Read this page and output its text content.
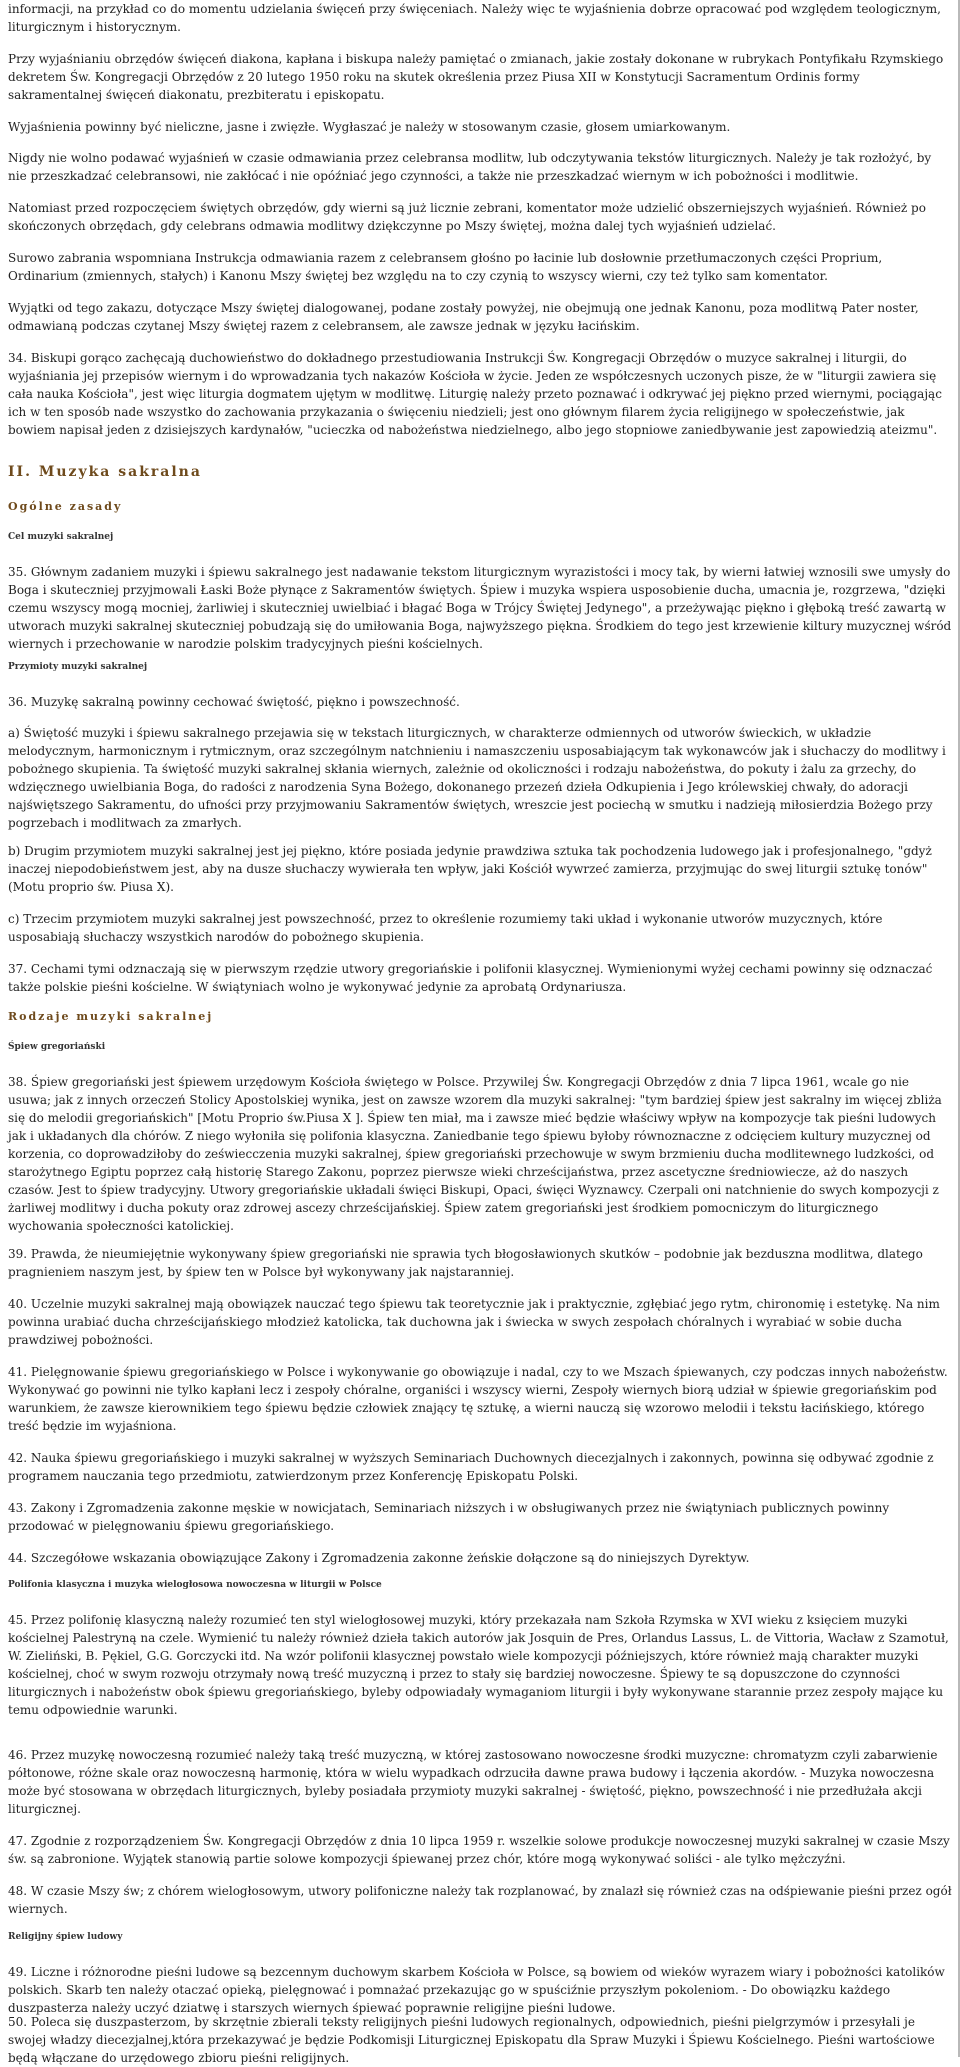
informacji, na przykład co do momentu udzielania święceń przy święceniach. Należy więc te wyjaśnienia dobrze opracować pod względem teologicznym, liturgicznym i historycznym.

Przy wyjaśnianiu obrzędów święceń diakona, kapłana i biskupa należy pamiętać o zmianach, jakie zostały dokonane w rubrykach Pontyfikału Rzymskiego dekretem Św. Kongregacji Obrzędów z 20 lutego 1950 roku na skutek określenia przez Piusa XII w Konstytucji Sacramentum Ordinis formy sakramentalnej święceń diakonatu, prezbiteratu i episkopatu.

Wyjaśnienia powinny być nieliczne, jasne i zwięzłe. Wygłaszać je należy w stosowanym czasie, głosem umiarkowanym.

Nigdy nie wolno podawać wyjaśnień w czasie odmawiania przez celebransa modlitw, lub odczytywania tekstów liturgicznych. Należy je tak rozłożyć, by nie przeszkadzać celebransowi, nie zakłócać i nie opóźniać jego czynności, a także nie przeszkadzać wiernym w ich pobożności i modlitwie.

Natomiast przed rozpoczęciem świętych obrzędów, gdy wierni są już licznie zebrani, komentator może udzielić obszerniejszych wyjaśnień. Również po skończonych obrzędach, gdy celebrans odmawia modlitwy dziękczynne po Mszy świętej, można dalej tych wyjaśnień udzielać.

Surowo zabrania wspomniana Instrukcja odmawiania razem z celebransem głośno po łacinie lub dosłownie przetłumaczonych części Proprium, Ordinarium (zmiennych, stałych) i Kanonu Mszy świętej bez względu na to czy czynią to wszyscy wierni, czy też tylko sam komentator.

Wyjątki od tego zakazu, dotyczące Mszy świętej dialogowanej, podane zostały powyżej, nie obejmują one jednak Kanonu, poza modlitwą Pater noster, odmawianą podczas czytanej Mszy świętej razem z celebransem, ale zawsze jednak w języku łacińskim.

34. Biskupi gorąco zachęcają duchowieństwo do dokładnego przestudiowania Instrukcji Św. Kongregacji Obrzędów o muzyce sakralnej i liturgii, do wyjaśniania jej przepisów wiernym i do wprowadzania tych nakazów Kościoła w życie. Jeden ze współczesnych uczonych pisze, że w "liturgii zawiera się cała nauka Kościoła", jest więc liturgia dogmatem ujętym w modlitwę. Liturgię należy przeto poznawać i odkrywać jej piękno przed wiernymi, pociągając ich w ten sposób nade wszystko do zachowania przykazania o święceniu niedzieli; jest ono głównym filarem życia religijnego w społeczeństwie, jak bowiem napisał jeden z dzisiejszych kardynałów, "ucieczka od nabożeństwa niedzielnego, albo jego stopniowe zaniedbywanie jest zapowiedzią ateizmu".

II. Muzyka sakralna
Ogólne zasady
Cel muzyki sakralnej

35. Głównym zadaniem muzyki i śpiewu sakralnego jest nadawanie tekstom liturgicznym wyrazistości i mocy tak, by wierni łatwiej wznosili swe umysły do Boga i skuteczniej przyjmowali Łaski Boże płynące z Sakramentów świętych. Śpiew i muzyka wspiera usposobienie ducha, umacnia je, rozgrzewa, "dzięki czemu wszyscy mogą mocniej, żarliwiej i skuteczniej uwielbiać i błagać Boga w Trójcy Świętej Jedynego", a przeżywając piękno i głęboką treść zawartą w utworach muzyki sakralnej skuteczniej pobudzają się do umiłowania Boga, najwyższego piękna. Środkiem do tego jest krzewienie kiltury muzycznej wśród wiernych i przechowanie w narodzie polskim tradycyjnych pieśni kościelnych.

Przymioty muzyki sakralnej

36. Muzykę sakralną powinny cechować świętość, piękno i powszechność.

a) Świętość muzyki i śpiewu sakralnego przejawia się w tekstach liturgicznych, w charakterze odmiennych od utworów świeckich, w układzie melodycznym, harmonicznym i rytmicznym, oraz szczególnym natchnieniu i namaszczeniu usposabiającym tak wykonawców jak i słuchaczy do modlitwy i pobożnego skupienia. Ta świętość muzyki sakralnej skłania wiernych, zależnie od okoliczności i rodzaju nabożeństwa, do pokuty i żalu za grzechy, do wdzięcznego uwielbiania Boga, do radości z narodzenia Syna Bożego, dokonanego przezeń dzieła Odkupienia i Jego królewskiej chwały, do adoracji najświętszego Sakramentu, do ufności przy przyjmowaniu Sakramentów świętych, wreszcie jest pociechą w smutku i nadzieją miłosierdzia Bożego przy pogrzebach i modlitwach za zmarłych.

b) Drugim przymiotem muzyki sakralnej jest jej piękno, które posiada jedynie prawdziwa sztuka tak pochodzenia ludowego jak i profesjonalnego, "gdyż inaczej niepodobieństwem jest, aby na dusze słuchaczy wywierała ten wpływ, jaki Kościół wywrzeć zamierza, przyjmując do swej liturgii sztukę tonów" (Motu proprio św. Piusa X).

c) Trzecim przymiotem muzyki sakralnej jest powszechność, przez to określenie rozumiemy taki układ i wykonanie utworów muzycznych, które usposabiają słuchaczy wszystkich narodów do pobożnego skupienia.

37. Cechami tymi odznaczają się w pierwszym rzędzie utwory gregoriańskie i polifonii klasycznej. Wymienionymi wyżej cechami powinny się odznaczać także polskie pieśni kościelne. W świątyniach wolno je wykonywać jedynie za aprobatą Ordynariusza.

Rodzaje muzyki sakralnej
Śpiew gregoriański

38. Śpiew gregoriański jest śpiewem urzędowym Kościoła świętego w Polsce. Przywilej Św. Kongregacji Obrzędów z dnia 7 lipca 1961, wcale go nie usuwa; jak z innych orzeczeń Stolicy Apostolskiej wynika, jest on zawsze wzorem dla muzyki sakralnej: "tym bardziej śpiew jest sakralny im więcej zbliża się do melodii gregoriańskich" [Motu Proprio św.Piusa X ]. Śpiew ten miał, ma i zawsze mieć będzie właściwy wpływ na kompozycje tak pieśni ludowych jak i układanych dla chórów. Z niego wyłoniła się polifonia klasyczna. Zaniedbanie tego śpiewu byłoby równoznaczne z odcięciem kultury muzycznej od korzenia, co doprowadziłoby do zeświecczenia muzyki sakralnej, śpiew gregoriański przechowuje w swym brzmieniu ducha modlitewnego ludzkości, od starożytnego Egiptu poprzez całą historię Starego Zakonu, poprzez pierwsze wieki chrześcijaństwa, przez ascetyczne średniowiecze, aż do naszych czasów. Jest to śpiew tradycyjny. Utwory gregoriańskie układali święci Biskupi, Opaci, święci Wyznawcy. Czerpali oni natchnienie do swych kompozycji z żarliwej modlitwy i ducha pokuty oraz zdrowej ascezy chrześcijańskiej. Śpiew zatem gregoriański jest środkiem pomocniczym do liturgicznego wychowania społeczności katolickiej.

39. Prawda, że nieumiejętnie wykonywany śpiew gregoriański nie sprawia tych błogosławionych skutków – podobnie jak bezduszna modlitwa, dlatego pragnieniem naszym jest, by śpiew ten w Polsce był wykonywany jak najstaranniej.

40. Uczelnie muzyki sakralnej mają obowiązek nauczać tego śpiewu tak teoretycznie jak i praktycznie, zgłębiać jego rytm, chironomię i estetykę. Na nim powinna urabiać ducha chrześcijańskiego młodzież katolicka, tak duchowna jak i świecka w swych zespołach chóralnych i wyrabiać w sobie ducha prawdziwej pobożności.

41. Pielęgnowanie śpiewu gregoriańskiego w Polsce i wykonywanie go obowiązuje i nadal, czy to we Mszach śpiewanych, czy podczas innych nabożeństw. Wykonywać go powinni nie tylko kapłani lecz i zespoły chóralne, organiści i wszyscy wierni, Zespoły wiernych biorą udział w śpiewie gregoriańskim pod warunkiem, że zawsze kierownikiem tego śpiewu będzie człowiek znający tę sztukę, a wierni nauczą się wzorowo melodii i tekstu łacińskiego, którego treść będzie im wyjaśniona.

42. Nauka śpiewu gregoriańskiego i muzyki sakralnej w wyższych Seminariach Duchownych diecezjalnych i zakonnych, powinna się odbywać zgodnie z programem nauczania tego przedmiotu, zatwierdzonym przez Konferencję Episkopatu Polski.

43. Zakony i Zgromadzenia zakonne męskie w nowicjatach, Seminariach niższych i w obsługiwanych przez nie świątyniach publicznych powinny przodować w pielęgnowaniu śpiewu gregoriańskiego.

44. Szczegółowe wskazania obowiązujące Zakony i Zgromadzenia zakonne żeńskie dołączone są do niniejszych Dyrektyw.

Polifonia klasyczna i muzyka wielogłosowa nowoczesna w liturgii w Polsce

45. Przez polifonię klasyczną należy rozumieć ten styl wielogłosowej muzyki, który przekazała nam Szkoła Rzymska w XVI wieku z księciem muzyki kościelnej Palestryną na czele. Wymienić tu należy również dzieła takich autorów jak Josquin de Pres, Orlandus Lassus, L. de Vittoria, Wacław z Szamotuł, W. Zieliński, B. Pękiel, G.G. Gorczycki itd. Na wzór polifonii klasycznej powstało wiele kompozycji późniejszych, które również mają charakter muzyki kościelnej, choć w swym rozwoju otrzymały nową treść muzyczną i przez to stały się bardziej nowoczesne. Śpiewy te są dopuszczone do czynności liturgicznych i nabożeństw obok śpiewu gregoriańskiego, byleby odpowiadały wymaganiom liturgii i były wykonywane starannie przez zespoły mające ku temu odpowiednie warunki.

46. Przez muzykę nowoczesną rozumieć należy taką treść muzyczną, w której zastosowano nowoczesne środki muzyczne: chromatyzm czyli zabarwienie półtonowe, różne skale oraz nowoczesną harmonię, która w wielu wypadkach odrzuciła dawne prawa budowy i łączenia akordów. - Muzyka nowoczesna może być stosowana w obrzędach liturgicznych, byleby posiadała przymioty muzyki sakralnej - świętość, piękno, powszechność i nie przedłużała akcji liturgicznej.

47. Zgodnie z rozporządzeniem Św. Kongregacji Obrzędów z dnia 10 lipca 1959 r. wszelkie solowe produkcje nowoczesnej muzyki sakralnej w czasie Mszy św. są zabronione. Wyjątek stanowią partie solowe kompozycji śpiewanej przez chór, które mogą wykonywać soliści - ale tylko mężczyźni.

48. W czasie Mszy św; z chórem wielogłosowym, utwory polifoniczne należy tak rozplanować, by znalazł się również czas na odśpiewanie pieśni przez ogół wiernych.

Religijny śpiew ludowy

49. Liczne i różnorodne pieśni ludowe są bezcennym duchowym skarbem Kościoła w Polsce, są bowiem od wieków wyrazem wiary i pobożności katolików polskich. Skarb ten należy otaczać opieką, pielęgnować i pomnażać przekazując go w spuściźnie przyszłym pokoleniom. - Do obowiązku każdego duszpasterza należy uczyć dziatwę i starszych wiernych śpiewać poprawnie religijne pieśni ludowe.

50. Poleca się duszpasterzom, by skrzętnie zbierali teksty religijnych pieśni ludowych regionalnych, odpowiednich, pieśni pielgrzymów i przesyłali je swojej władzy diecezjalnej,która przekazywać je będzie Podkomisji Liturgicznej Episkopatu dla Spraw Muzyki i Śpiewu Kościelnego. Pieśni wartościowe będą włączane do urzędowego zbioru pieśni religijnych.
